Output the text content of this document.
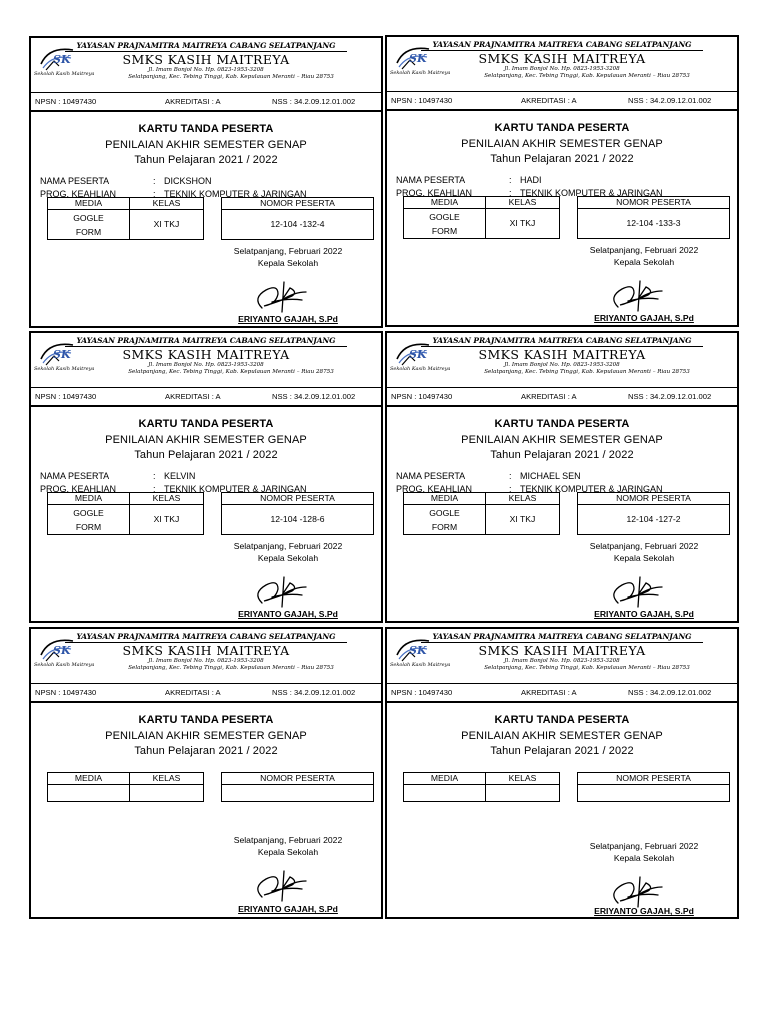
SK
Sekolah Kasih Maitreya
YAYASAN PRAJNAMITRA MAITREYA CABANG SELATPANJANG
SMKS KASIH MAITREYA
Jl. Imam Bonjol No. Hp. 0823-1953-3208
Selatpanjang, Kec. Tebing Tinggi, Kab. Kepulauan Meranti – Riau 28753
NPSN : 10497430	AKREDITASI : A	NSS : 34.2.09.12.01.002
KARTU TANDA PESERTA
PENILAIAN AKHIR SEMESTER GENAP
Tahun Pelajaran 2021 / 2022
NAMA PESERTA	: DICKSHON
PROG. KEAHLIAN	: TEKNIK KOMPUTER & JARINGAN
MEDIA	KELAS		NOMOR PESERTA
GOGLE
FORM	XI TKJ		12-104 -132-4
Selatpanjang, Februari 2022
Kepala Sekolah
ERIYANTO GAJAH, S.Pd
SK
Sekolah Kasih Maitreya
YAYASAN PRAJNAMITRA MAITREYA CABANG SELATPANJANG
SMKS KASIH MAITREYA
Jl. Imam Bonjol No. Hp. 0823-1953-3208
Selatpanjang, Kec. Tebing Tinggi, Kab. Kepulauan Meranti – Riau 28753
NPSN : 10497430	AKREDITASI : A	NSS : 34.2.09.12.01.002
KARTU TANDA PESERTA
PENILAIAN AKHIR SEMESTER GENAP
Tahun Pelajaran 2021 / 2022
NAMA PESERTA	: HADI
PROG. KEAHLIAN	: TEKNIK KOMPUTER & JARINGAN
MEDIA	KELAS		NOMOR PESERTA
GOGLE
FORM	XI TKJ		12-104 -133-3
Selatpanjang, Februari 2022
Kepala Sekolah
ERIYANTO GAJAH, S.Pd
SK
Sekolah Kasih Maitreya
YAYASAN PRAJNAMITRA MAITREYA CABANG SELATPANJANG
SMKS KASIH MAITREYA
Jl. Imam Bonjol No. Hp. 0823-1953-3208
Selatpanjang, Kec. Tebing Tinggi, Kab. Kepulauan Meranti – Riau 28753
NPSN : 10497430	AKREDITASI : A	NSS : 34.2.09.12.01.002
KARTU TANDA PESERTA
PENILAIAN AKHIR SEMESTER GENAP
Tahun Pelajaran 2021 / 2022
NAMA PESERTA	: KELVIN
PROG. KEAHLIAN	: TEKNIK KOMPUTER & JARINGAN
MEDIA	KELAS		NOMOR PESERTA
GOGLE
FORM	XI TKJ		12-104 -128-6
Selatpanjang, Februari 2022
Kepala Sekolah
ERIYANTO GAJAH, S.Pd
SK
Sekolah Kasih Maitreya
YAYASAN PRAJNAMITRA MAITREYA CABANG SELATPANJANG
SMKS KASIH MAITREYA
Jl. Imam Bonjol No. Hp. 0823-1953-3208
Selatpanjang, Kec. Tebing Tinggi, Kab. Kepulauan Meranti – Riau 28753
NPSN : 10497430	AKREDITASI : A	NSS : 34.2.09.12.01.002
KARTU TANDA PESERTA
PENILAIAN AKHIR SEMESTER GENAP
Tahun Pelajaran 2021 / 2022
NAMA PESERTA	: MICHAEL SEN
PROG. KEAHLIAN	: TEKNIK KOMPUTER & JARINGAN
MEDIA	KELAS		NOMOR PESERTA
GOGLE
FORM	XI TKJ		12-104 -127-2
Selatpanjang, Februari 2022
Kepala Sekolah
ERIYANTO GAJAH, S.Pd
SK
Sekolah Kasih Maitreya
YAYASAN PRAJNAMITRA MAITREYA CABANG SELATPANJANG
SMKS KASIH MAITREYA
Jl. Imam Bonjol No. Hp. 0823-1953-3208
Selatpanjang, Kec. Tebing Tinggi, Kab. Kepulauan Meranti – Riau 28753
NPSN : 10497430	AKREDITASI : A	NSS : 34.2.09.12.01.002
KARTU TANDA PESERTA
PENILAIAN AKHIR SEMESTER GENAP
Tahun Pelajaran 2021 / 2022
MEDIA	KELAS		NOMOR PESERTA

Selatpanjang, Februari 2022
Kepala Sekolah
ERIYANTO GAJAH, S.Pd
SK
Sekolah Kasih Maitreya
YAYASAN PRAJNAMITRA MAITREYA CABANG SELATPANJANG
SMKS KASIH MAITREYA
Jl. Imam Bonjol No. Hp. 0823-1953-3208
Selatpanjang, Kec. Tebing Tinggi, Kab. Kepulauan Meranti – Riau 28753
NPSN : 10497430	AKREDITASI : A	NSS : 34.2.09.12.01.002
KARTU TANDA PESERTA
PENILAIAN AKHIR SEMESTER GENAP
Tahun Pelajaran 2021 / 2022
MEDIA	KELAS		NOMOR PESERTA

Selatpanjang, Februari 2022
Kepala Sekolah
ERIYANTO GAJAH, S.Pd
